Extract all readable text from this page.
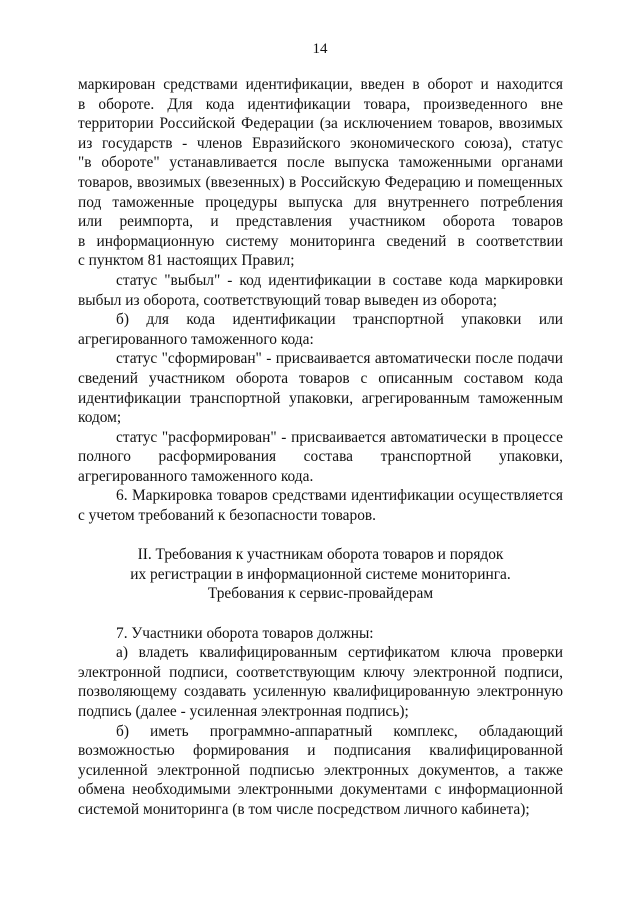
14
маркирован средствами идентификации, введен в оборот и находится
в обороте. Для кода идентификации товара, произведенного вне
территории Российской Федерации (за исключением товаров, ввозимых
из государств - членов Евразийского экономического союза), статус
"в обороте" устанавливается после выпуска таможенными органами
товаров, ввозимых (ввезенных) в Российскую Федерацию и помещенных
под таможенные процедуры выпуска для внутреннего потребления
или реимпорта, и представления участником оборота товаров
в информационную систему мониторинга сведений в соответствии
с пунктом 81 настоящих Правил;
статус "выбыл" - код идентификации в составе кода маркировки
выбыл из оборота, соответствующий товар выведен из оборота;
б) для кода идентификации транспортной упаковки или
агрегированного таможенного кода:
статус "сформирован" - присваивается автоматически после подачи
сведений участником оборота товаров с описанным составом кода
идентификации транспортной упаковки, агрегированным таможенным
кодом;
статус "расформирован" - присваивается автоматически в процессе
полного расформирования состава транспортной упаковки,
агрегированного таможенного кода.
6. Маркировка товаров средствами идентификации осуществляется
с учетом требований к безопасности товаров.
II. Требования к участникам оборота товаров и порядок
их регистрации в информационной системе мониторинга.
Требования к сервис-провайдерам
7. Участники оборота товаров должны:
а) владеть квалифицированным сертификатом ключа проверки
электронной подписи, соответствующим ключу электронной подписи,
позволяющему создавать усиленную квалифицированную электронную
подпись (далее - усиленная электронная подпись);
б) иметь программно-аппаратный комплекс, обладающий
возможностью формирования и подписания квалифицированной
усиленной электронной подписью электронных документов, а также
обмена необходимыми электронными документами с информационной
системой мониторинга (в том числе посредством личного кабинета);
